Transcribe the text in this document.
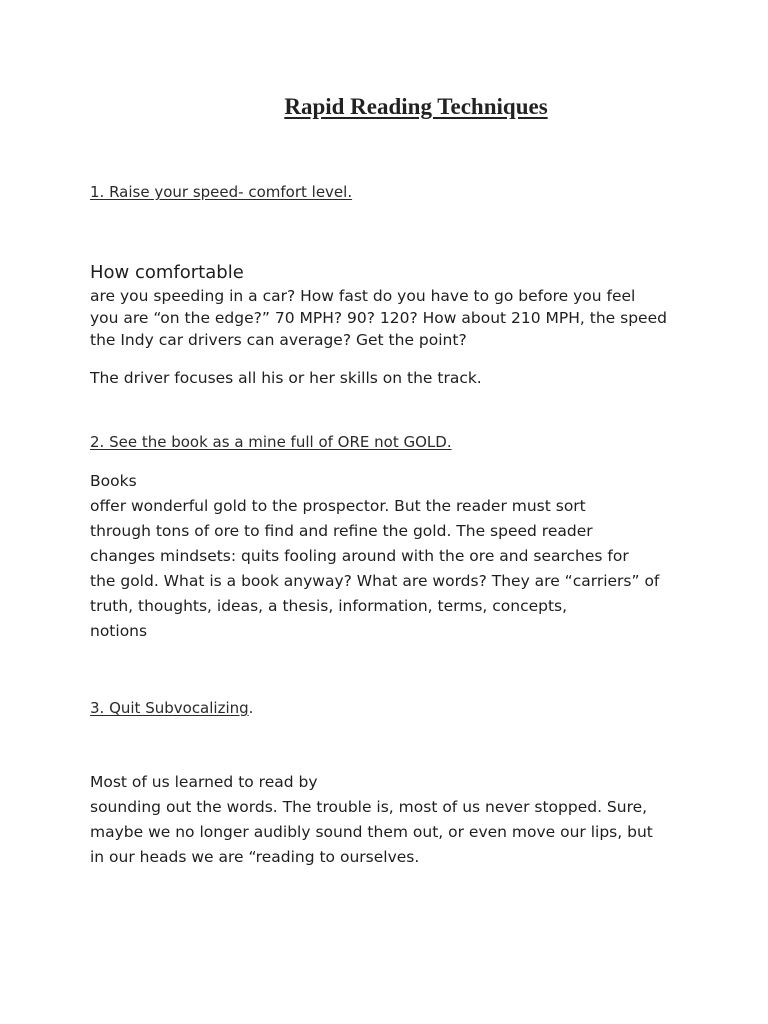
Rapid Reading Techniques
1. Raise your speed- comfort level.
How comfortable
are you speeding in a car? How fast do you have to go before you feel
you are “on the edge?” 70 MPH? 90? 120? How about 210 MPH, the speed
the Indy car drivers can average? Get the point?
The driver focuses all his or her skills on the track.
2. See the book as a mine full of ORE not GOLD.
Books
offer wonderful gold to the prospector. But the reader must sort
through tons of ore to find and refine the gold. The speed reader
changes mindsets: quits fooling around with the ore and searches for
the gold. What is a book anyway? What are words? They are “carriers” of
truth, thoughts, ideas, a thesis, information, terms, concepts,
notions
3. Quit Subvocalizing.
Most of us learned to read by
sounding out the words. The trouble is, most of us never stopped. Sure,
maybe we no longer audibly sound them out, or even move our lips, but
in our heads we are “reading to ourselves.
